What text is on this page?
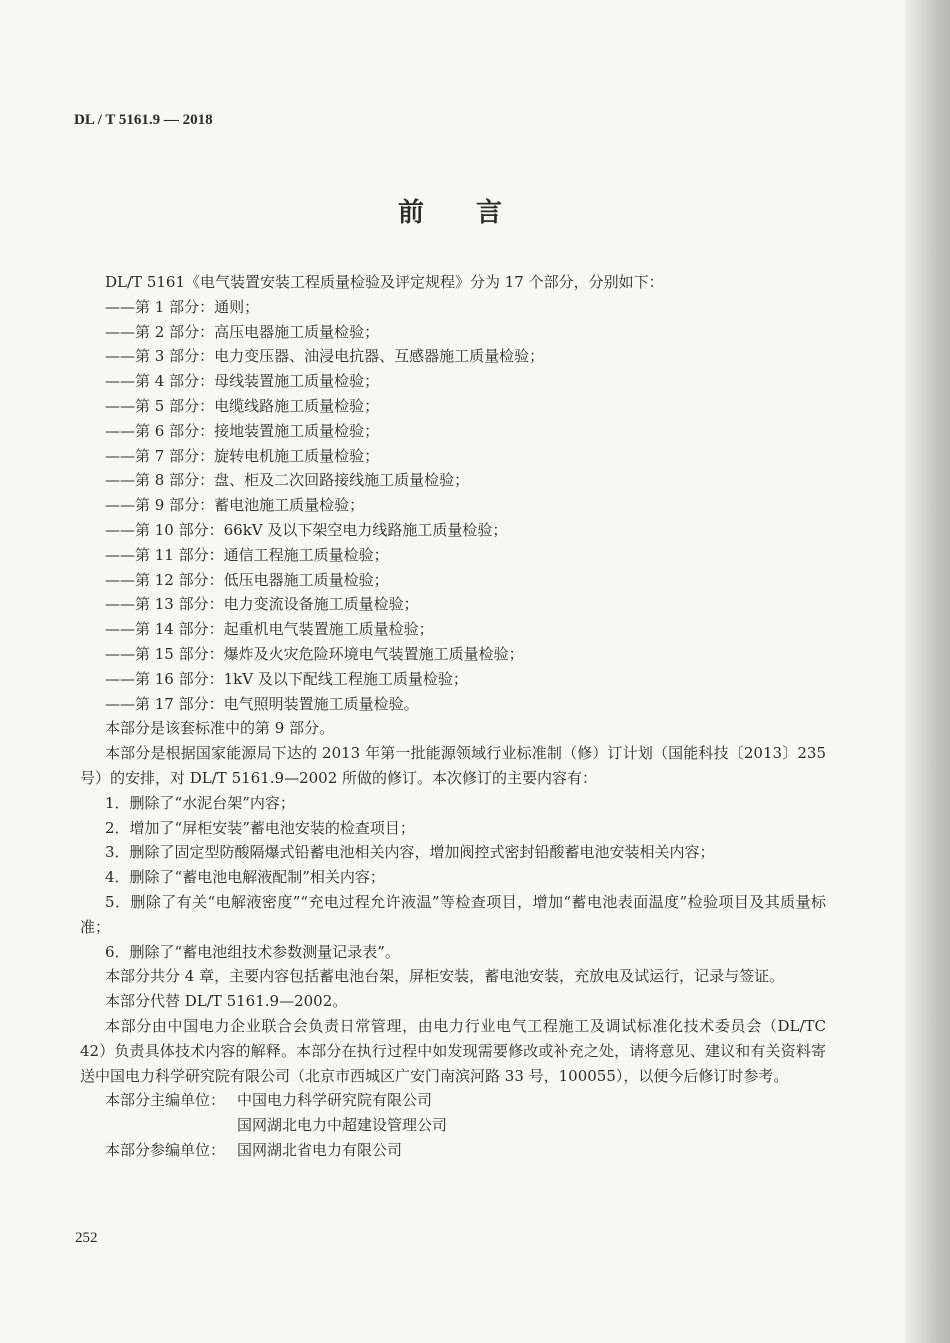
DL / T 5161.9 — 2018
前言

DL/T 5161《电气装置安装工程质量检验及评定规程》分为 17 个部分，分别如下：

——第 1 部分：通则；

——第 2 部分：高压电器施工质量检验；

——第 3 部分：电力变压器、油浸电抗器、互感器施工质量检验；

——第 4 部分：母线装置施工质量检验；

——第 5 部分：电缆线路施工质量检验；

——第 6 部分：接地装置施工质量检验；

——第 7 部分：旋转电机施工质量检验；

——第 8 部分：盘、柜及二次回路接线施工质量检验；

——第 9 部分：蓄电池施工质量检验；

——第 10 部分：66kV 及以下架空电力线路施工质量检验；

——第 11 部分：通信工程施工质量检验；

——第 12 部分：低压电器施工质量检验；

——第 13 部分：电力变流设备施工质量检验；

——第 14 部分：起重机电气装置施工质量检验；

——第 15 部分：爆炸及火灾危险环境电气装置施工质量检验；

——第 16 部分：1kV 及以下配线工程施工质量检验；

——第 17 部分：电气照明装置施工质量检验。

本部分是该套标准中的第 9 部分。

本部分是根据国家能源局下达的 2013 年第一批能源领域行业标准制（修）订计划（国能科技〔2013〕235 号）的安排，对 DL/T 5161.9—2002 所做的修订。本次修订的主要内容有：

1．删除了“水泥台架”内容；

2．增加了“屏柜安装”蓄电池安装的检查项目；

3．删除了固定型防酸隔爆式铅蓄电池相关内容，增加阀控式密封铅酸蓄电池安装相关内容；

4．删除了“蓄电池电解液配制”相关内容；

5．删除了有关“电解液密度”“充电过程允许液温”等检查项目，增加“蓄电池表面温度”检验项目及其质量标准；

6．删除了“蓄电池组技术参数测量记录表”。

本部分共分 4 章，主要内容包括蓄电池台架，屏柜安装，蓄电池安装，充放电及试运行，记录与签证。

本部分代替 DL/T 5161.9—2002。

本部分由中国电力企业联合会负责日常管理，由电力行业电气工程施工及调试标准化技术委员会（DL/TC 42）负责具体技术内容的解释。本部分在执行过程中如发现需要修改或补充之处，请将意见、建议和有关资料寄送中国电力科学研究院有限公司（北京市西城区广安门南滨河路 33 号，100055），以便今后修订时参考。

本部分主编单位： 中国电力科学研究院有限公司

国网湖北电力中超建设管理公司

本部分参编单位： 国网湖北省电力有限公司

252
